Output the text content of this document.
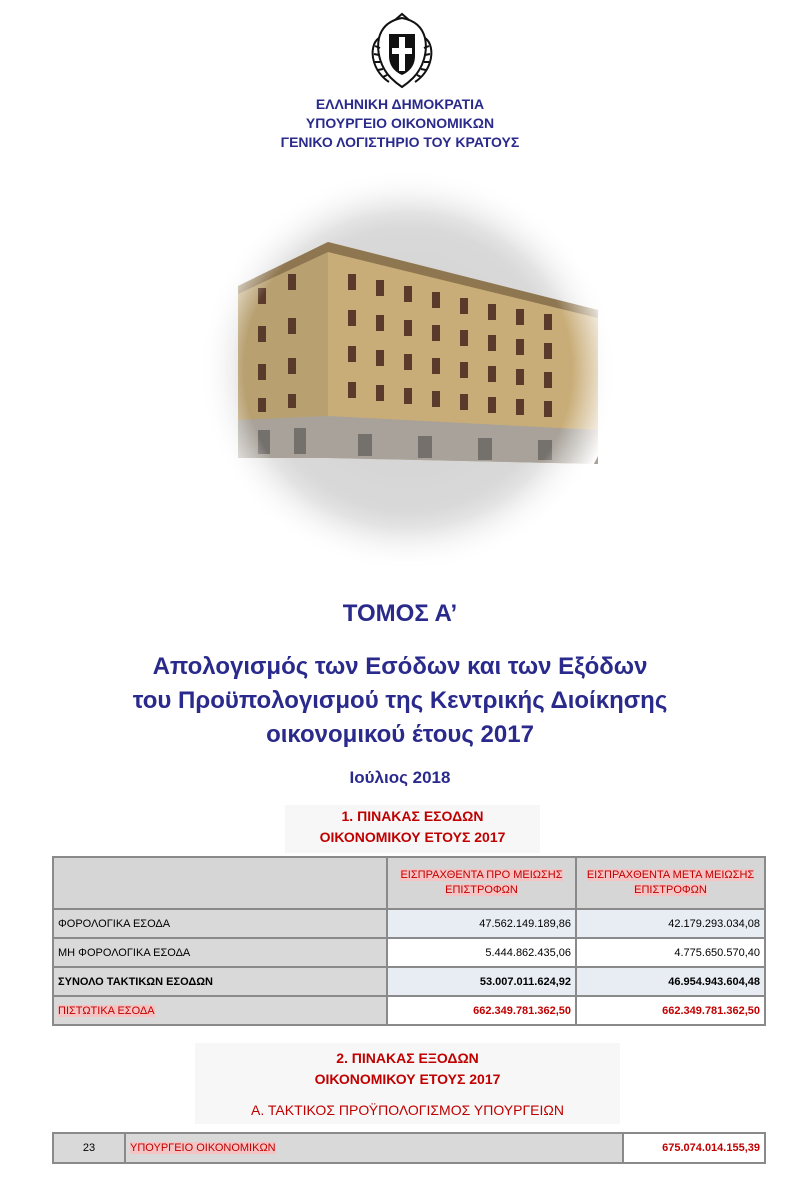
ΕΛΛΗΝΙΚΗ ΔΗΜΟΚΡΑΤΙΑ
ΥΠΟΥΡΓΕΙΟ ΟΙΚΟΝΟΜΙΚΩΝ
ΓΕΝΙΚΟ ΛΟΓΙΣΤΗΡΙΟ ΤΟΥ ΚΡΑΤΟΥΣ
ΤΟΜΟΣ Α’
Απολογισμός των Εσόδων και των Εξόδων
του Προϋπολογισμού της Κεντρικής Διοίκησης
οικονομικού έτους 2017
Ιούλιος 2018
1. ΠΙΝΑΚΑΣ ΕΣΟΔΩΝ
ΟΙΚΟΝΟΜΙΚΟΥ ΕΤΟΥΣ 2017

	ΕΙΣΠΡΑΧΘΕΝΤΑ ΠΡΟ ΜΕΙΩΣΗΣ ΕΠΙΣΤΡΟΦΩΝ	ΕΙΣΠΡΑΧΘΕΝΤΑ ΜΕΤΑ ΜΕΙΩΣΗΣ ΕΠΙΣΤΡΟΦΩΝ

ΦΟΡΟΛΟΓΙΚΑ ΕΣΟΔΑ	47.562.149.189,86	42.179.293.034,08
ΜΗ ΦΟΡΟΛΟΓΙΚΑ ΕΣΟΔΑ	5.444.862.435,06	4.775.650.570,40
ΣΥΝΟΛΟ ΤΑΚΤΙΚΩΝ ΕΣΟΔΩΝ	53.007.011.624,92	46.954.943.604,48
ΠΙΣΤΩΤΙΚΑ ΕΣΟΔΑ	662.349.781.362,50	662.349.781.362,50
2. ΠΙΝΑΚΑΣ ΕΞΟΔΩΝ
ΟΙΚΟΝΟΜΙΚΟΥ ΕΤΟΥΣ 2017
Α. ΤΑΚΤΙΚΟΣ ΠΡΟΫΠΟΛΟΓΙΣΜΟΣ ΥΠΟΥΡΓΕΙΩΝ
23	ΥΠΟΥΡΓΕΙΟ ΟΙΚΟΝΟΜΙΚΩΝ	675.074.014.155,39
